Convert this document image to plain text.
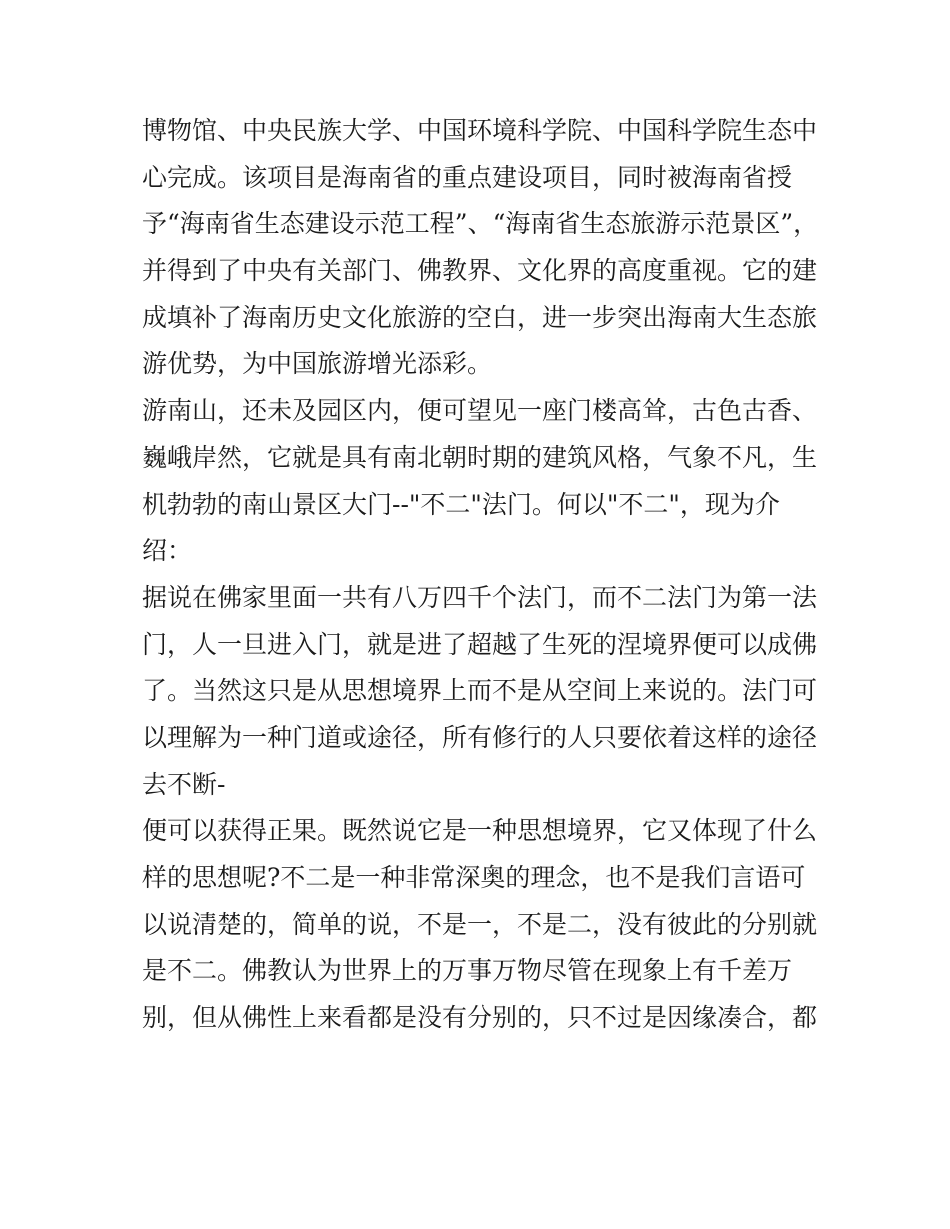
博物馆、中央民族大学、中国环境科学院、中国科学院生态中
心完成。该项目是海南省的重点建设项目，同时被海南省授
予“海南省生态建设示范工程”、“海南省生态旅游示范景区”，
并得到了中央有关部门、佛教界、文化界的高度重视。它的建
成填补了海南历史文化旅游的空白，进一步突出海南大生态旅
游优势，为中国旅游增光添彩。
游南山，还未及园区内，便可望见一座门楼高耸，古色古香、
巍峨岸然，它就是具有南北朝时期的建筑风格，气象不凡，生
机勃勃的南山景区大门--"不二"法门。何以"不二"，现为介
绍：
据说在佛家里面一共有八万四千个法门，而不二法门为第一法
门，人一旦进入门，就是进了超越了生死的涅境界便可以成佛
了。当然这只是从思想境界上而不是从空间上来说的。法门可
以理解为一种门道或途径，所有修行的人只要依着这样的途径
去不断-
便可以获得正果。既然说它是一种思想境界，它又体现了什么
样的思想呢?不二是一种非常深奥的理念，也不是我们言语可
以说清楚的，简单的说，不是一，不是二，没有彼此的分别就
是不二。佛教认为世界上的万事万物尽管在现象上有千差万
别，但从佛性上来看都是没有分别的，只不过是因缘凑合，都
